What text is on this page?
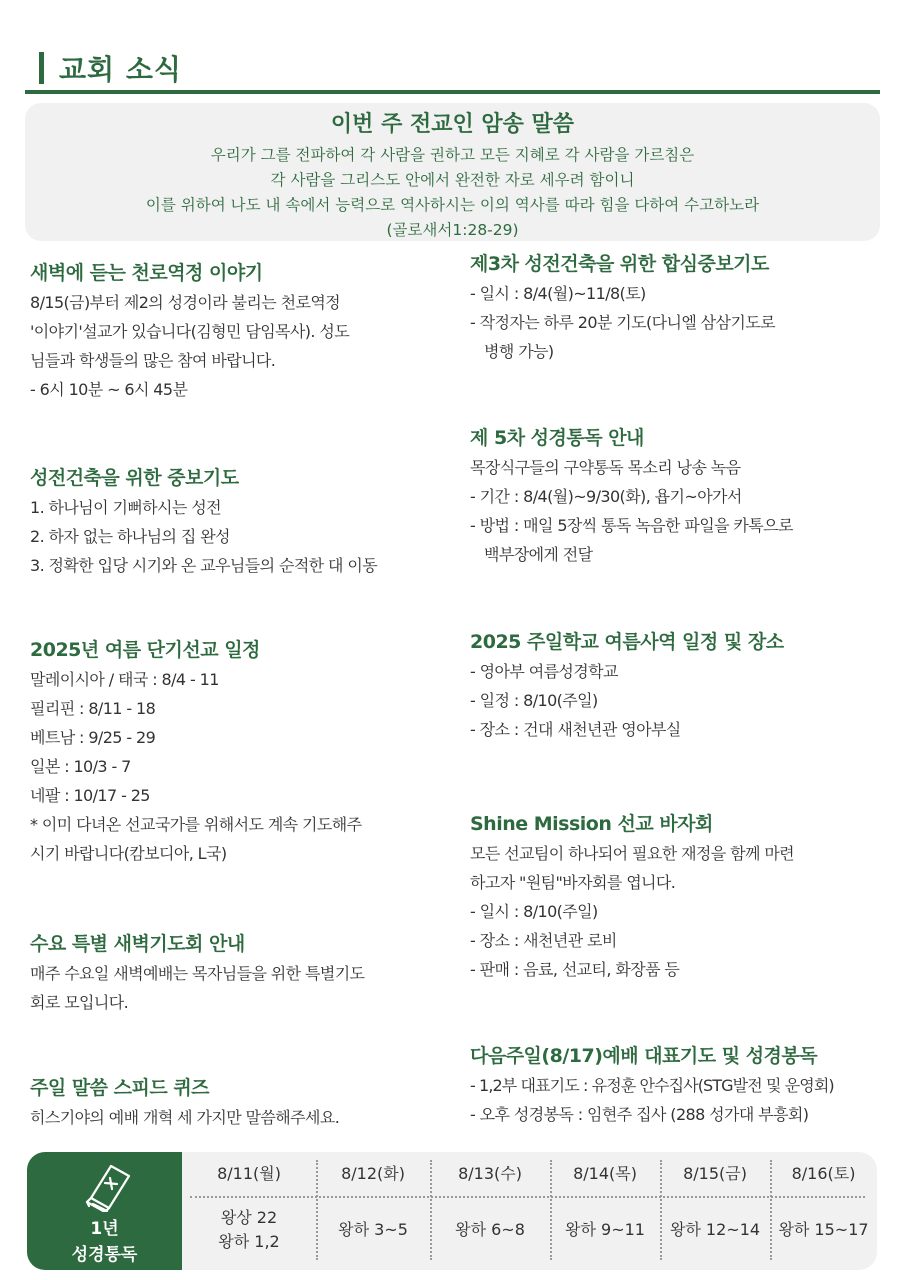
교회 소식
이번 주 전교인 암송 말씀
우리가 그를 전파하여 각 사람을 권하고 모든 지혜로 각 사람을 가르침은
각 사람을 그리스도 안에서 완전한 자로 세우려 함이니
이를 위하여 나도 내 속에서 능력으로 역사하시는 이의 역사를 따라 힘을 다하여 수고하노라
(골로새서1:28-29)
새벽에 듣는 천로역정 이야기
8/15(금)부터 제2의 성경이라 불리는 천로역정
'이야기'설교가 있습니다(김형민 담임목사). 성도
님들과 학생들의 많은 참여 바랍니다.
- 6시 10분 ~ 6시 45분
성전건축을 위한 중보기도
1. 하나님이 기뻐하시는 성전
2. 하자 없는 하나님의 집 완성
3. 정확한 입당 시기와 온 교우님들의 순적한 대 이동
2025년 여름 단기선교 일정
말레이시아 / 태국 : 8/4 - 11
필리핀 : 8/11 - 18
베트남 : 9/25 - 29
일본 : 10/3 - 7
네팔 : 10/17 - 25
* 이미 다녀온 선교국가를 위해서도 계속 기도해주
시기 바랍니다(캄보디아, L국)
수요 특별 새벽기도회 안내
매주 수요일 새벽예배는 목자님들을 위한 특별기도
회로 모입니다.
주일 말씀 스피드 퀴즈
히스기야의 예배 개혁 세 가지만 말씀해주세요.
제3차 성전건축을 위한 합심중보기도
- 일시 : 8/4(월)~11/8(토)
- 작정자는 하루 20분 기도(다니엘 삼삼기도로
병행 가능)
제 5차 성경통독 안내
목장식구들의 구약통독 목소리 낭송 녹음
- 기간 : 8/4(월)~9/30(화), 욥기~아가서
- 방법 : 매일 5장씩 통독 녹음한 파일을 카톡으로
백부장에게 전달
2025 주일학교 여름사역 일정 및 장소
- 영아부 여름성경학교
- 일정 : 8/10(주일)
- 장소 : 건대 새천년관 영아부실
Shine Mission 선교 바자회
모든 선교팀이 하나되어 필요한 재정을 함께 마련
하고자 "원팀"바자회를 엽니다.
- 일시 : 8/10(주일)
- 장소 : 새천년관 로비
- 판매 : 음료, 선교티, 화장품 등
다음주일(8/17)예배 대표기도 및 성경봉독
- 1,2부 대표기도 : 유정훈 안수집사(STG발전 및 운영회)
- 오후 성경봉독 : 임현주 집사 (288 성가대 부흥회)
1년
성경통독
8/11(월)
왕상 22
왕하 1,2
8/12(화)
왕하 3~5
8/13(수)
왕하 6~8
8/14(목)
왕하 9~11
8/15(금)
왕하 12~14
8/16(토)
왕하 15~17
